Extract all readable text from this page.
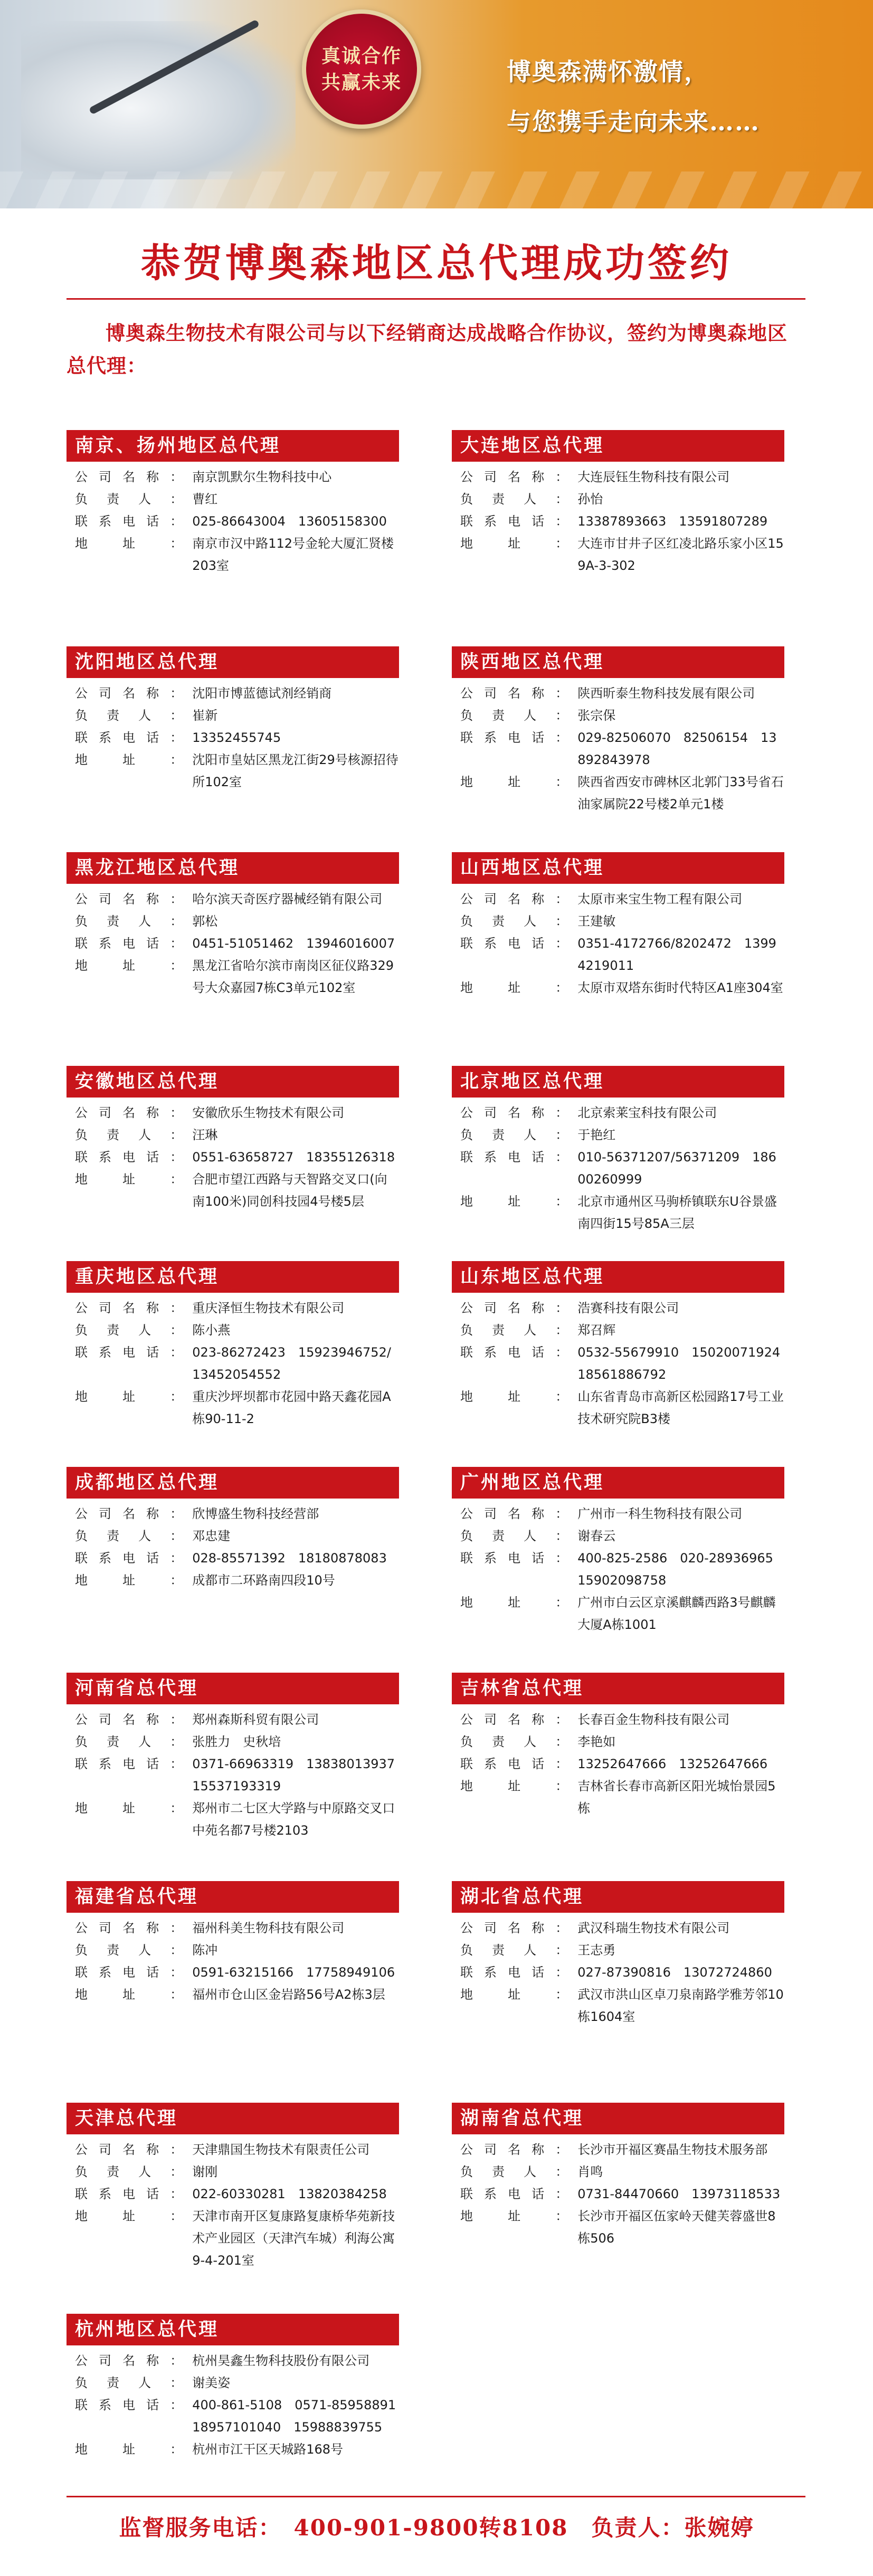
真诚合作
共赢未来	博奥森满怀激情，
与您携手走向未来……
恭贺博奥森地区总代理成功签约
博奥森生物技术有限公司与以下经销商达成战略合作协议，签约为博奥森地区总代理：
南京、扬州地区总代理
公司名称：	南京凯默尔生物科技中心
负责人：	曹红
联系电话：	025-86643004　13605158300
地址：	南京市汉中路112号金轮大厦汇贤楼203室
大连地区总代理
公司名称：	大连辰钰生物科技有限公司
负责人：	孙怡
联系电话：	13387893663　13591807289
地址：	大连市甘井子区红凌北路乐家小区159A-3-302
沈阳地区总代理
公司名称：	沈阳市博蓝德试剂经销商
负责人：	崔新
联系电话：	13352455745
地址：	沈阳市皇姑区黑龙江街29号核源招待所102室
陕西地区总代理
公司名称：	陕西昕泰生物科技发展有限公司
负责人：	张宗保
联系电话：	029-82506070　82506154　13892843978
地址：	陕西省西安市碑林区北郭门33号省石油家属院22号楼2单元1楼
黑龙江地区总代理
公司名称：	哈尔滨天奇医疗器械经销有限公司
负责人：	郭松
联系电话：	0451-51051462　13946016007
地址：	黑龙江省哈尔滨市南岗区征仪路329号大众嘉园7栋C3单元102室
山西地区总代理
公司名称：	太原市来宝生物工程有限公司
负责人：	王建敏
联系电话：	0351-4172766/8202472　13994219011
地址：	太原市双塔东街时代特区A1座304室
安徽地区总代理
公司名称：	安徽欣乐生物技术有限公司
负责人：	汪琳
联系电话：	0551-63658727　18355126318
地址：	合肥市望江西路与天智路交叉口(向南100米)同创科技园4号楼5层
北京地区总代理
公司名称：	北京索莱宝科技有限公司
负责人：	于艳红
联系电话：	010-56371207/56371209　18600260999
地址：	北京市通州区马驹桥镇联东U谷景盛南四街15号85A三层
重庆地区总代理
公司名称：	重庆泽恒生物技术有限公司
负责人：	陈小燕
联系电话：	023-86272423　15923946752/13452054552
地址：	重庆沙坪坝都市花园中路天鑫花园A栋90-11-2
山东地区总代理
公司名称：	浩赛科技有限公司
负责人：	郑召辉
联系电话：	0532-55679910　15020071924　18561886792
地址：	山东省青岛市高新区松园路17号工业技术研究院B3楼
成都地区总代理
公司名称：	欣博盛生物科技经营部
负责人：	邓忠建
联系电话：	028-85571392　18180878083
地址：	成都市二环路南四段10号
广州地区总代理
公司名称：	广州市一科生物科技有限公司
负责人：	谢春云
联系电话：	400-825-2586　020-28936965　15902098758
地址：	广州市白云区京溪麒麟西路3号麒麟大厦A栋1001
河南省总代理
公司名称：	郑州森斯科贸有限公司
负责人：	张胜力　史秋培
联系电话：	0371-66963319　13838013937　15537193319
地址：	郑州市二七区大学路与中原路交叉口中苑名都7号楼2103
吉林省总代理
公司名称：	长春百金生物科技有限公司
负责人：	李艳如
联系电话：	13252647666　13252647666
地址：	吉林省长春市高新区阳光城怡景园5栋
福建省总代理
公司名称：	福州科美生物科技有限公司
负责人：	陈冲
联系电话：	0591-63215166　17758949106
地址：	福州市仓山区金岩路56号A2栋3层
湖北省总代理
公司名称：	武汉科瑞生物技术有限公司
负责人：	王志勇
联系电话：	027-87390816　13072724860
地址：	武汉市洪山区卓刀泉南路学雅芳邻10栋1604室
天津总代理
公司名称：	天津鼎国生物技术有限责任公司
负责人：	谢刚
联系电话：	022-60330281　13820384258
地址：	天津市南开区复康路复康桥华苑新技术产业园区（天津汽车城）利海公寓9-4-201室
湖南省总代理
公司名称：	长沙市开福区赛晶生物技术服务部
负责人：	肖鸣
联系电话：	0731-84470660　13973118533
地址：	长沙市开福区伍家岭天健芙蓉盛世8栋506
杭州地区总代理
公司名称：	杭州昊鑫生物科技股份有限公司
负责人：	谢美姿
联系电话：	400-861-5108　0571-85958891　18957101040　15988839755
地址：	杭州市江干区天城路168号
监督服务电话：　400-901-9800转8108　负责人：张婉婷
